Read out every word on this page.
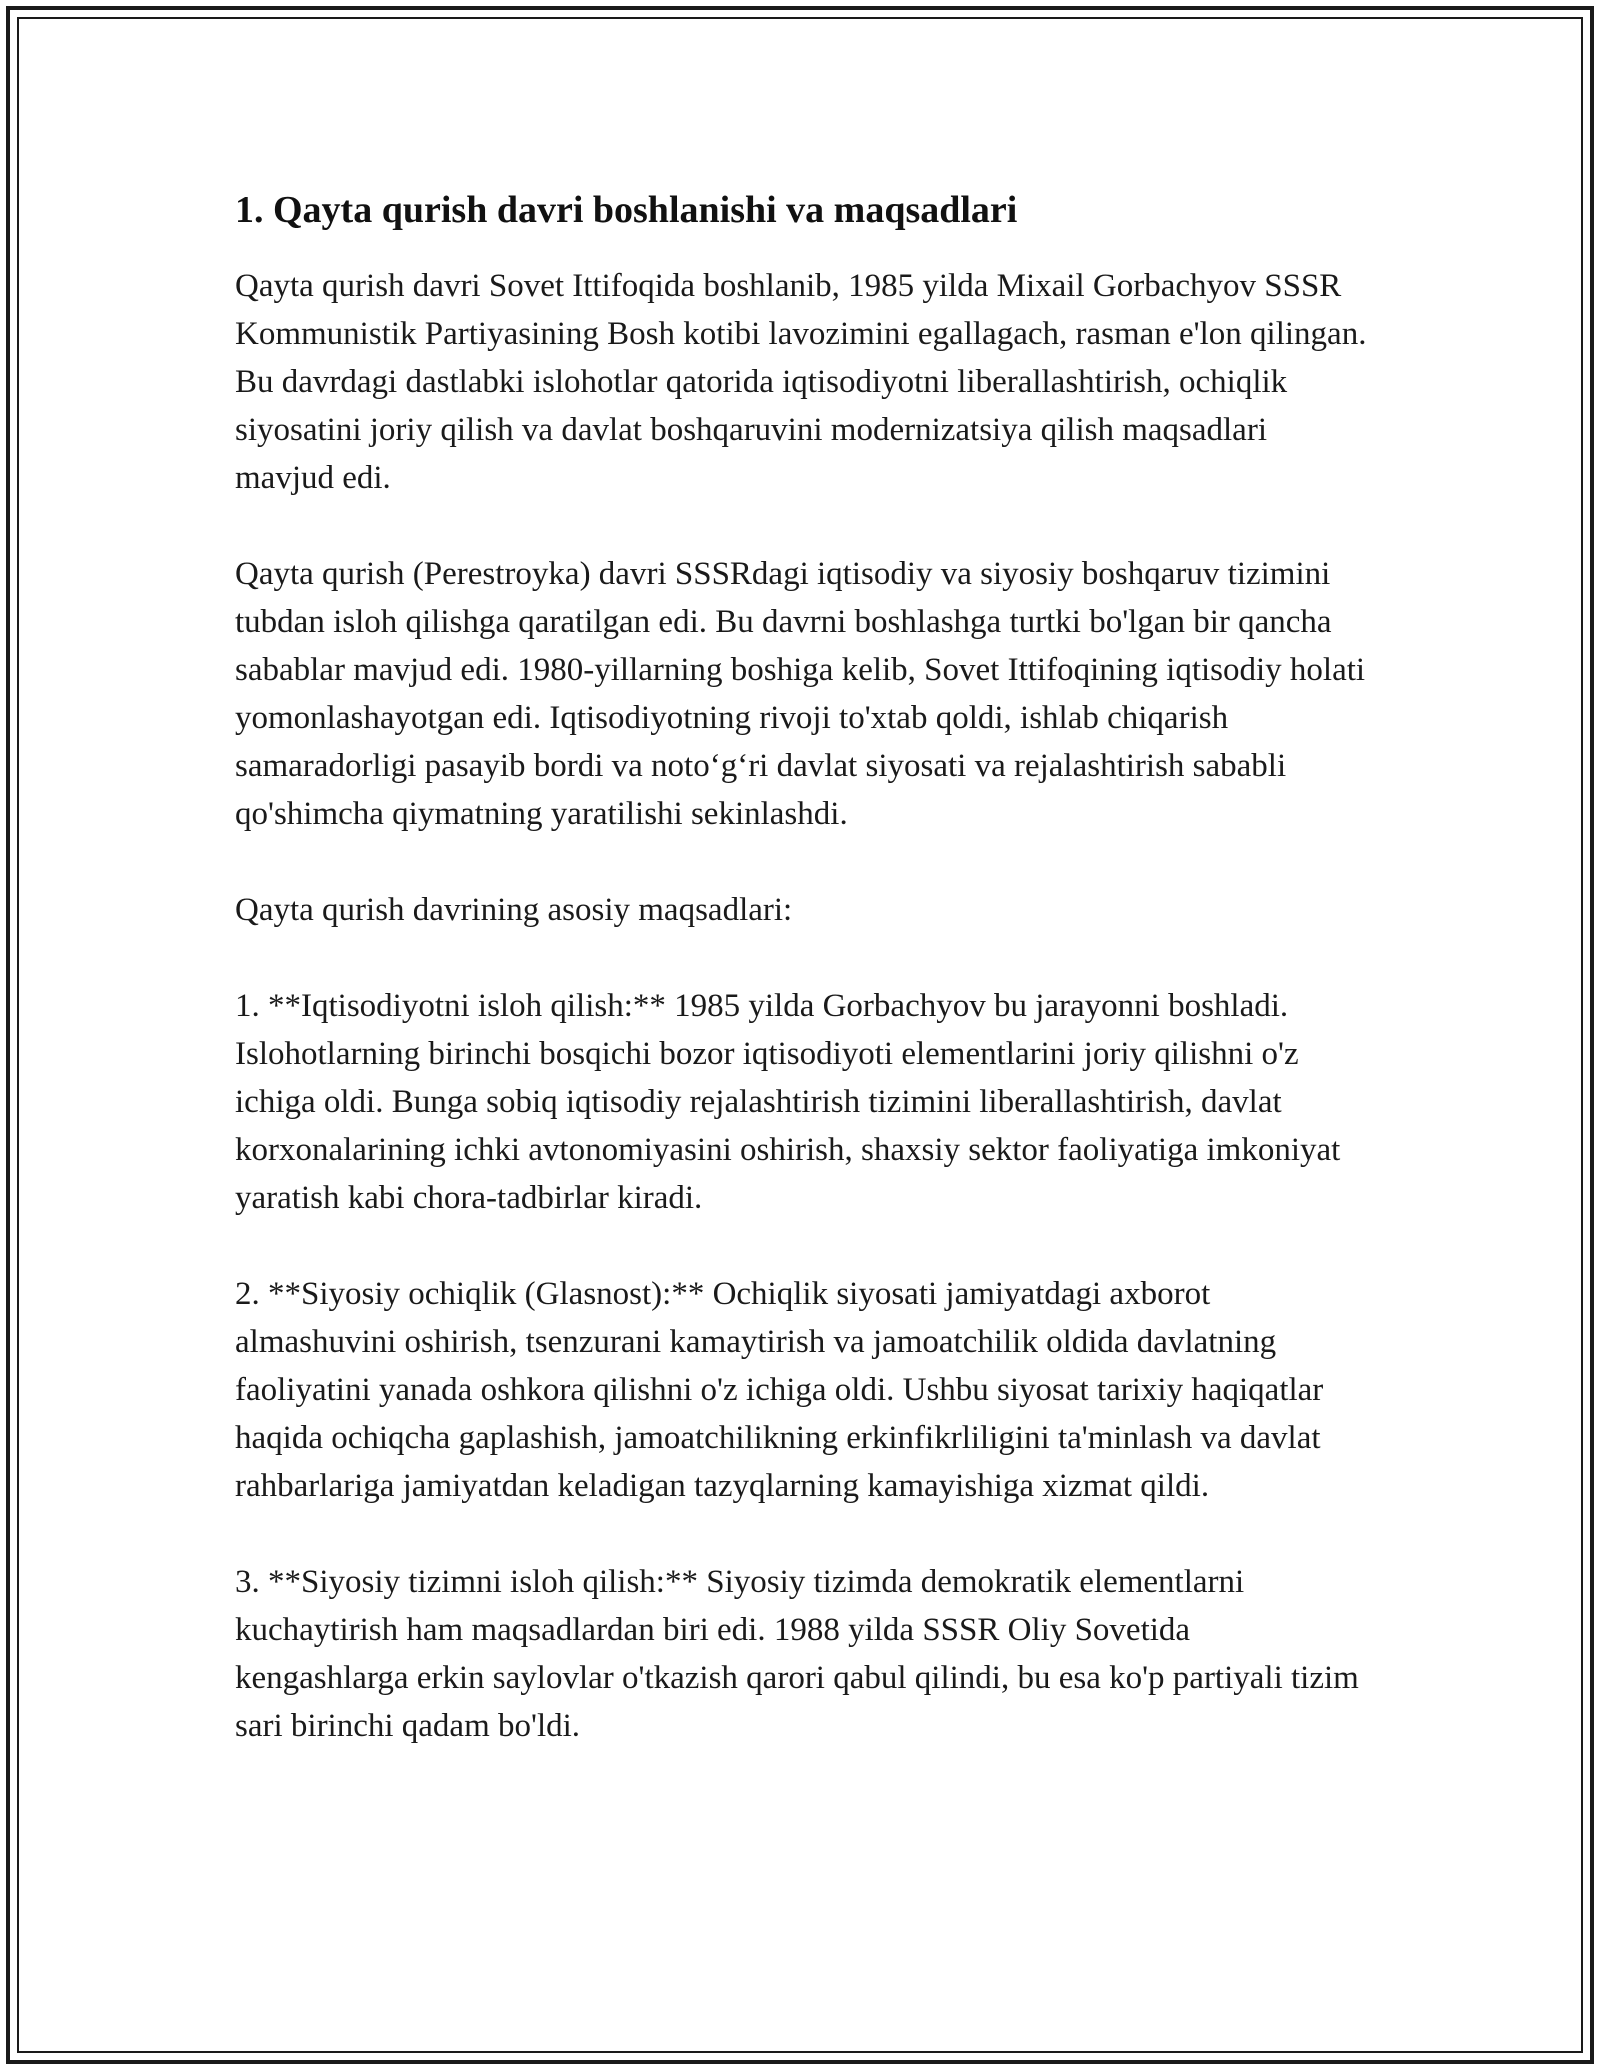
1. Qayta qurish davri boshlanishi va maqsadlari

Qayta qurish davri Sovet Ittifoqida boshlanib, 1985 yilda Mixail Gorbachyov SSSR Kommunistik Partiyasining Bosh kotibi lavozimini egallagach, rasman e'lon qilingan. Bu davrdagi dastlabki islohotlar qatorida iqtisodiyotni liberallashtirish, ochiqlik siyosatini joriy qilish va davlat boshqaruvini modernizatsiya qilish maqsadlari mavjud edi.

Qayta qurish (Perestroyka) davri SSSRdagi iqtisodiy va siyosiy boshqaruv tizimini tubdan isloh qilishga qaratilgan edi. Bu davrni boshlashga turtki bo'lgan bir qancha sabablar mavjud edi. 1980-yillarning boshiga kelib, Sovet Ittifoqining iqtisodiy holati yomonlashayotgan edi. Iqtisodiyotning rivoji to'xtab qoldi, ishlab chiqarish samaradorligi pasayib bordi va noto‘g‘ri davlat siyosati va rejalashtirish sababli qo'shimcha qiymatning yaratilishi sekinlashdi.

Qayta qurish davrining asosiy maqsadlari:

1. **Iqtisodiyotni isloh qilish:** 1985 yilda Gorbachyov bu jarayonni boshladi. Islohotlarning birinchi bosqichi bozor iqtisodiyoti elementlarini joriy qilishni o'z ichiga oldi. Bunga sobiq iqtisodiy rejalashtirish tizimini liberallashtirish, davlat korxonalarining ichki avtonomiyasini oshirish, shaxsiy sektor faoliyatiga imkoniyat yaratish kabi chora-tadbirlar kiradi.

2. **Siyosiy ochiqlik (Glasnost):** Ochiqlik siyosati jamiyatdagi axborot almashuvini oshirish, tsenzurani kamaytirish va jamoatchilik oldida davlatning faoliyatini yanada oshkora qilishni o'z ichiga oldi. Ushbu siyosat tarixiy haqiqatlar haqida ochiqcha gaplashish, jamoatchilikning erkinfikrliligini ta'minlash va davlat rahbarlariga jamiyatdan keladigan tazyqlarning kamayishiga xizmat qildi.

3. **Siyosiy tizimni isloh qilish:** Siyosiy tizimda demokratik elementlarni kuchaytirish ham maqsadlardan biri edi. 1988 yilda SSSR Oliy Sovetida kengashlarga erkin saylovlar o'tkazish qarori qabul qilindi, bu esa ko'p partiyali tizim sari birinchi qadam bo'ldi.
